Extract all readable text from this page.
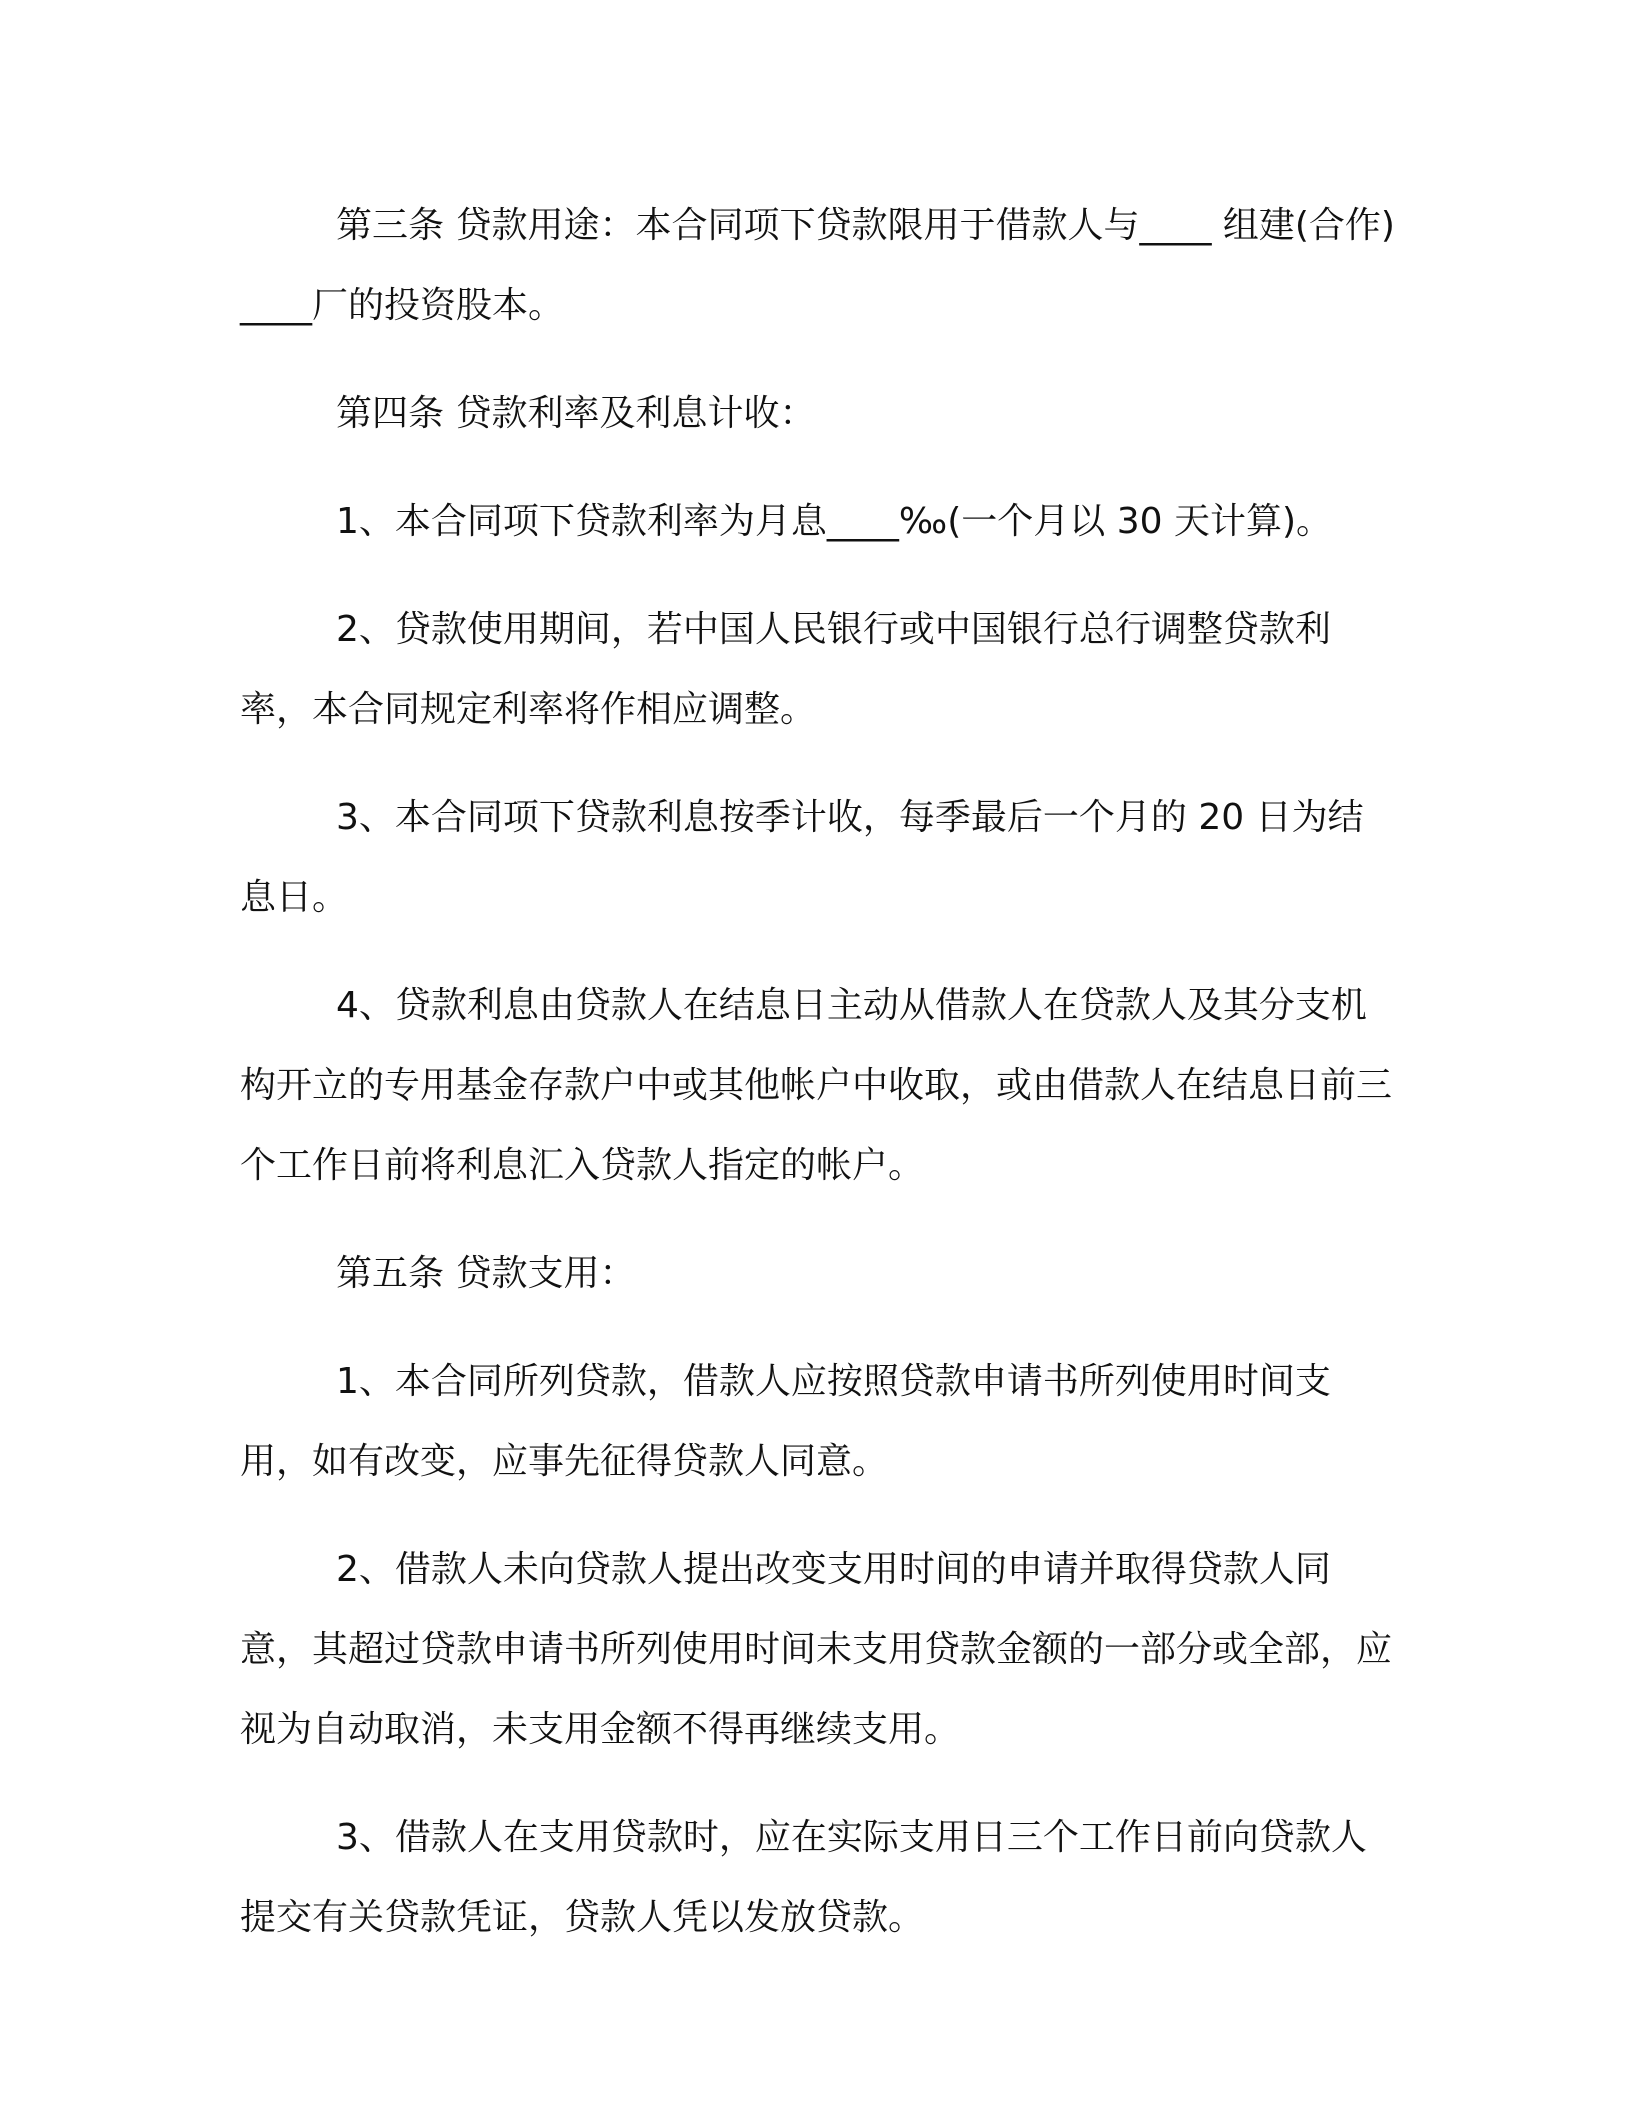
第三条 贷款用途：本合同项下贷款限用于借款人与____ 组建(合作)____厂的投资股本。

第四条 贷款利率及利息计收：

1、本合同项下贷款利率为月息____‰(一个月以 30 天计算)。

2、贷款使用期间，若中国人民银行或中国银行总行调整贷款利率，本合同规定利率将作相应调整。

3、本合同项下贷款利息按季计收，每季最后一个月的 20 日为结息日。

4、贷款利息由贷款人在结息日主动从借款人在贷款人及其分支机构开立的专用基金存款户中或其他帐户中收取，或由借款人在结息日前三个工作日前将利息汇入贷款人指定的帐户。

第五条 贷款支用：

1、本合同所列贷款，借款人应按照贷款申请书所列使用时间支用，如有改变，应事先征得贷款人同意。

2、借款人未向贷款人提出改变支用时间的申请并取得贷款人同意，其超过贷款申请书所列使用时间未支用贷款金额的一部分或全部，应视为自动取消，未支用金额不得再继续支用。

3、借款人在支用贷款时，应在实际支用日三个工作日前向贷款人提交有关贷款凭证，贷款人凭以发放贷款。
